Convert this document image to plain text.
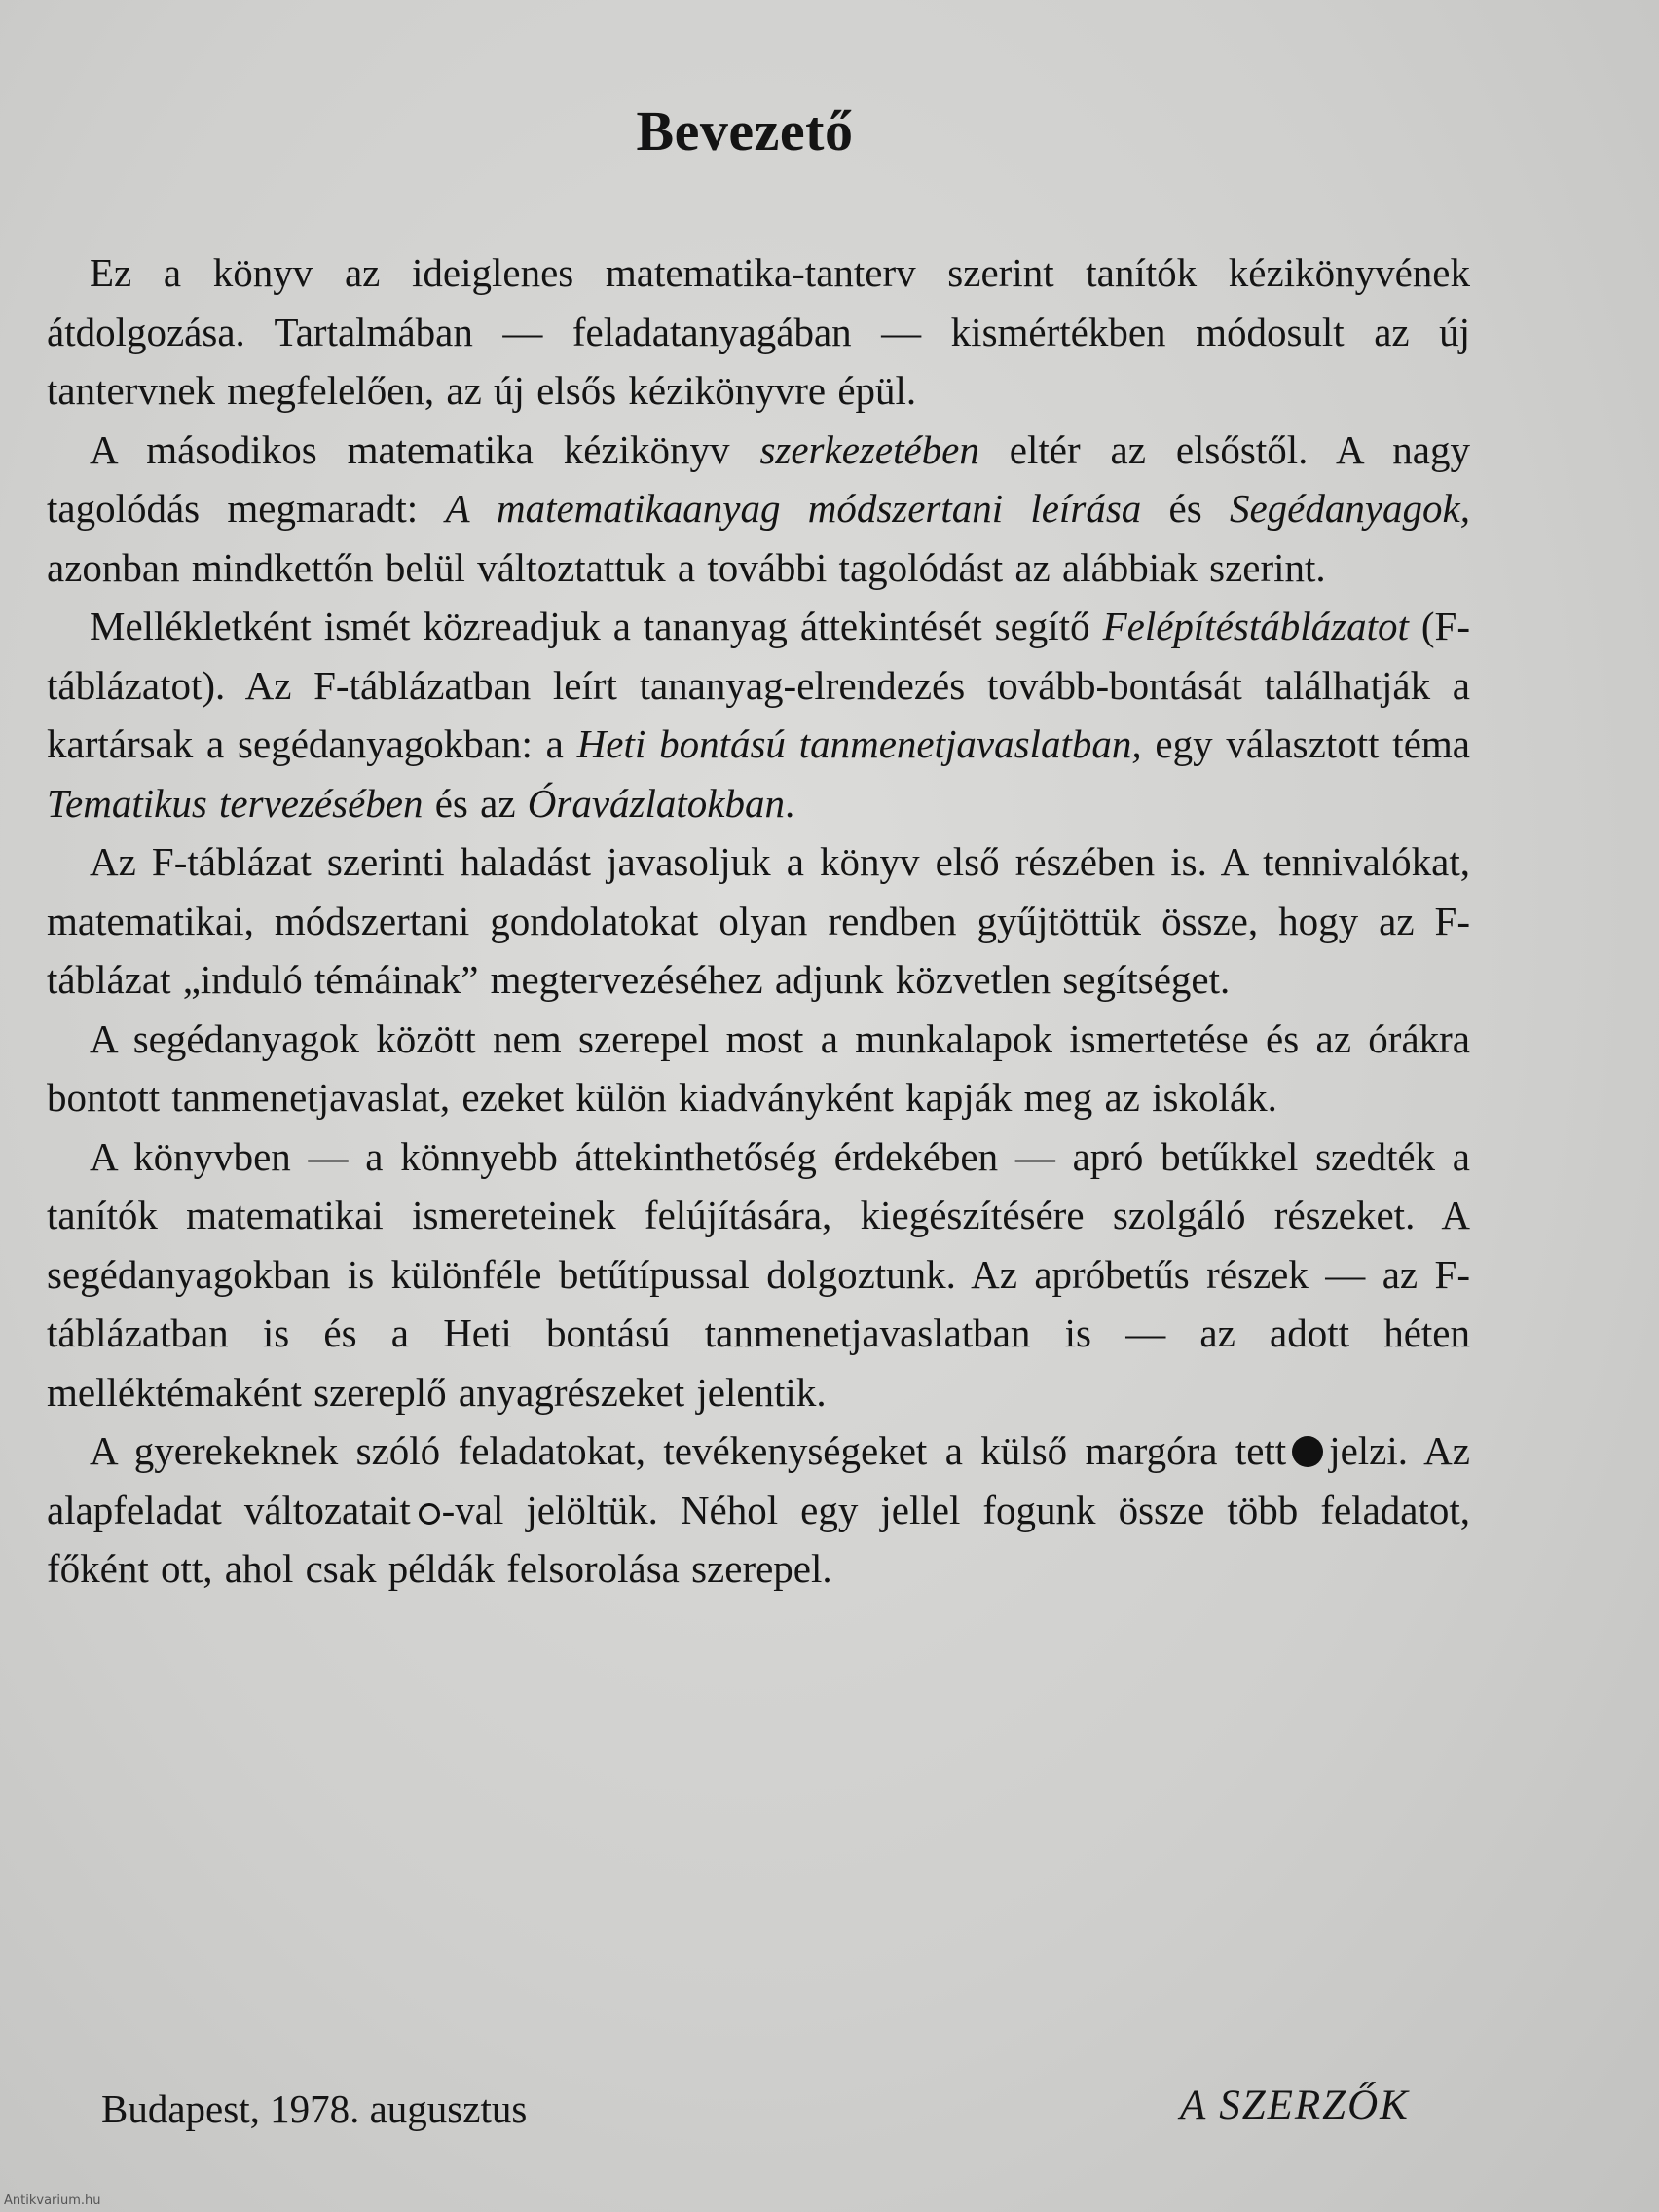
Bevezető

Ez a könyv az ideiglenes matematika-tanterv szerint tanítók kézikönyvének átdolgozása. Tartalmában — feladatanyagában — kismértékben módosult az új tantervnek megfelelően, az új elsős kézikönyvre épül.

A másodikos matematika kézikönyv szerkezetében eltér az elsőstől. A nagy tagolódás megmaradt: A matematikaanyag módszertani leírása és Segédanyagok, azonban mindkettőn belül változtattuk a további tagolódást az alábbiak szerint.

Mellékletként ismét közreadjuk a tananyag áttekintését segítő Felépítéstáblázatot (F-táblázatot). Az F-táblázatban leírt tananyag-elrendezés tovább-bontását találhatják a kartársak a segédanyagokban: a Heti bontású tanmenetjavaslatban, egy választott téma Tematikus tervezésében és az Óravázlatokban.

Az F-táblázat szerinti haladást javasoljuk a könyv első részében is. A tennivalókat, matematikai, módszertani gondolatokat olyan rendben gyűjtöttük össze, hogy az F-táblázat „induló témáinak” megtervezéséhez adjunk közvetlen segítséget.

A segédanyagok között nem szerepel most a munkalapok ismertetése és az órákra bontott tanmenetjavaslat, ezeket külön kiadványként kapják meg az iskolák.

A könyvben — a könnyebb áttekinthetőség érdekében — apró betűkkel szedték a tanítók matematikai ismereteinek felújítására, kiegészítésére szolgáló részeket. A segédanyagokban is különféle betűtípussal dolgoztunk. Az apróbetűs részek — az F-táblázatban is és a Heti bontású tanmenetjavaslatban is — az adott héten melléktémaként szereplő anyagrészeket jelentik.

A gyerekeknek szóló feladatokat, tevékenységeket a külső margóra tett jelzi. Az alapfeladat változatait -val jelöltük. Néhol egy jellel fogunk össze több feladatot, főként ott, ahol csak példák felsorolása szerepel.

Budapest, 1978. augusztus	A SZERZŐK
Antikvarium.hu
